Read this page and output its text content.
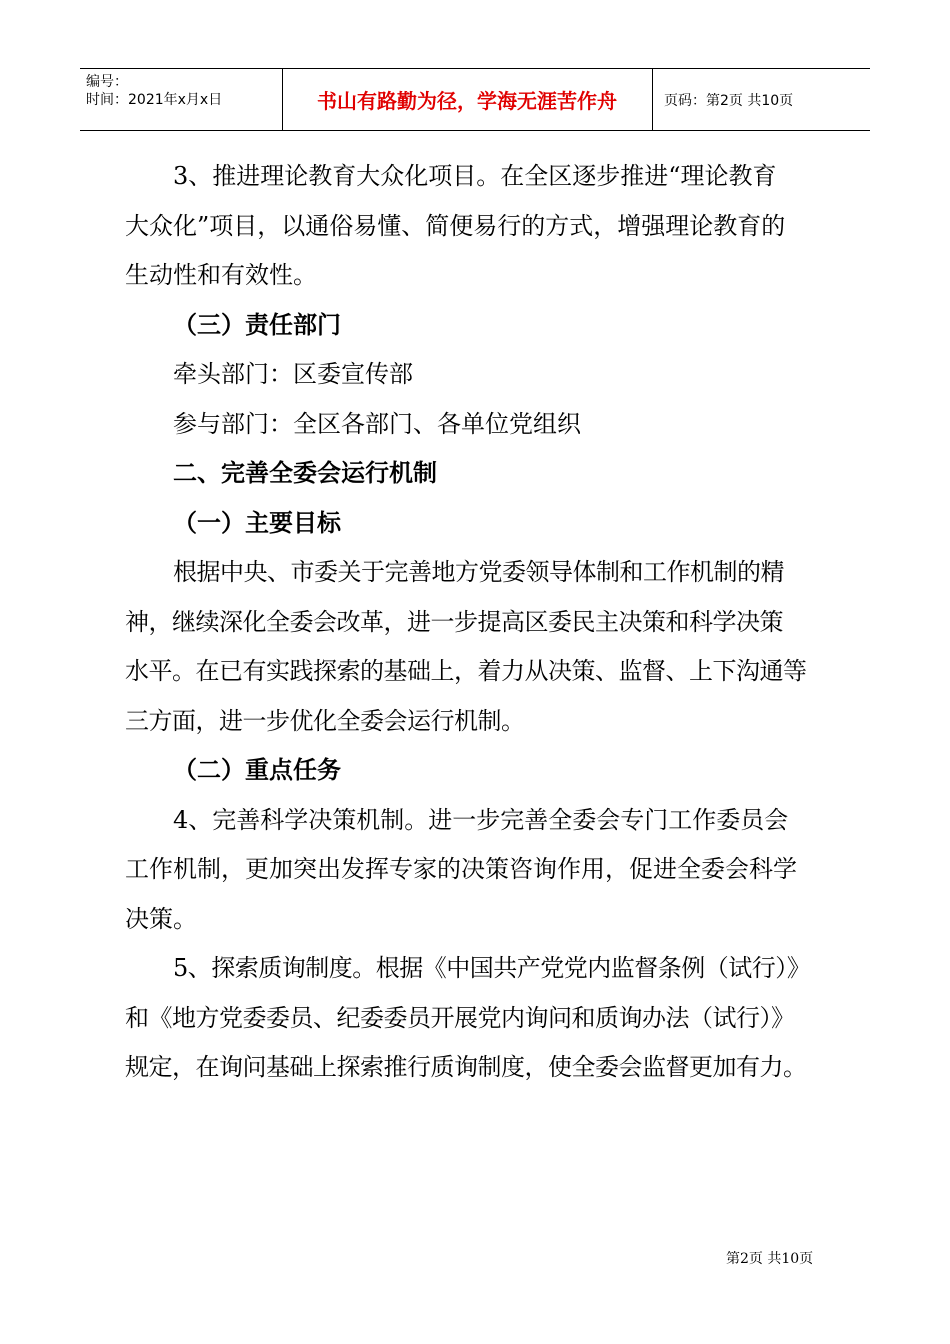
编号：
时间：2021年x月x日	书山有路勤为径，学海无涯苦作舟	页码：第2页 共10页

3、推进理论教育大众化项目。在全区逐步推进“理论教育
大众化”项目，以通俗易懂、简便易行的方式，增强理论教育的
生动性和有效性。

（三）责任部门

牵头部门：区委宣传部

参与部门：全区各部门、各单位党组织

二、完善全委会运行机制

（一）主要目标

根据中央、市委关于完善地方党委领导体制和工作机制的精
神，继续深化全委会改革，进一步提高区委民主决策和科学决策
水平。在已有实践探索的基础上，着力从决策、监督、上下沟通等
三方面，进一步优化全委会运行机制。

（二）重点任务

4、完善科学决策机制。进一步完善全委会专门工作委员会
工作机制，更加突出发挥专家的决策咨询作用，促进全委会科学
决策。

5、探索质询制度。根据《中国共产党党内监督条例（试行）》
和《地方党委委员、纪委委员开展党内询问和质询办法（试行）》
规定，在询问基础上探索推行质询制度，使全委会监督更加有力。

第2页 共10页
